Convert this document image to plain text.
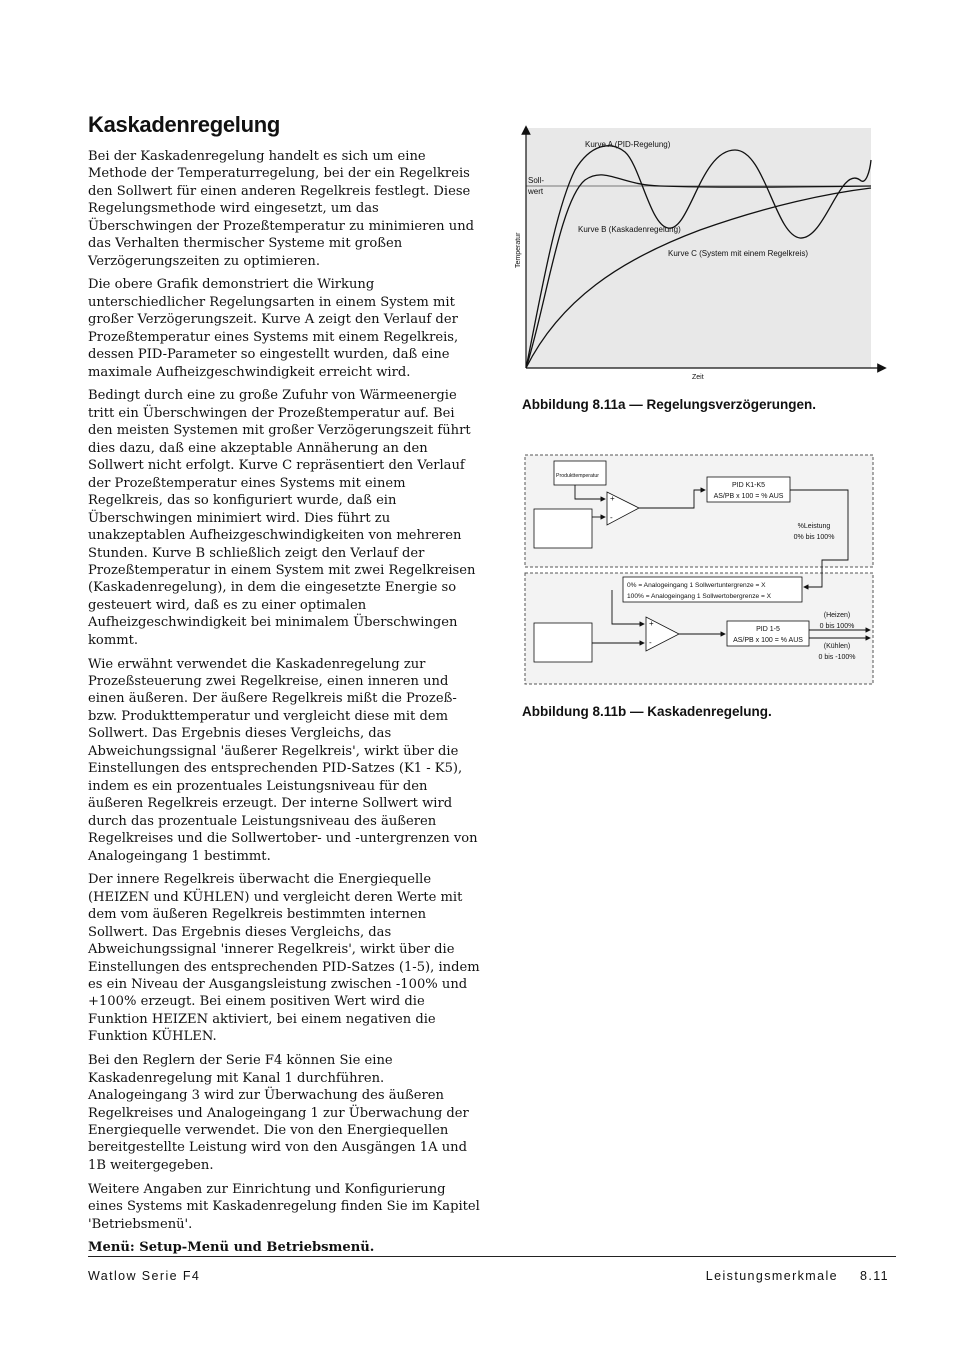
Kaskadenregelung

Bei der Kaskadenregelung handelt es sich um eine Methode der Temperaturregelung, bei der ein Regelkreis den Sollwert für einen anderen Regelkreis festlegt. Diese Regelungsmethode wird eingesetzt, um das Überschwingen der Prozeßtemperatur zu minimieren und das Verhalten thermischer Systeme mit großen Verzögerungszeiten zu optimieren.

Die obere Grafik demonstriert die Wirkung unterschiedlicher Regelungsarten in einem System mit großer Verzögerungszeit. Kurve A zeigt den Verlauf der Prozeßtemperatur eines Systems mit einem Regelkreis, dessen PID-Parameter so eingestellt wurden, daß eine maximale Aufheizgeschwindigkeit erreicht wird.

Bedingt durch eine zu große Zufuhr von Wärmeenergie tritt ein Überschwingen der Prozeßtemperatur auf. Bei den meisten Systemen mit großer Verzögerungszeit führt dies dazu, daß eine akzeptable Annäherung an den Sollwert nicht erfolgt. Kurve C repräsentiert den Verlauf der Prozeßtemperatur eines Systems mit einem Regelkreis, das so konfiguriert wurde, daß ein Überschwingen minimiert wird. Dies führt zu unakzeptablen Aufheizgeschwindigkeiten von mehreren Stunden. Kurve B schließlich zeigt den Verlauf der Prozeßtemperatur in einem System mit zwei Regelkreisen (Kaskadenregelung), in dem die eingesetzte Energie so gesteuert wird, daß es zu einer optimalen Aufheizgeschwindigkeit bei minimalem Überschwingen kommt.

Wie erwähnt verwendet die Kaskadenregelung zur Prozeßsteuerung zwei Regelkreise, einen inneren und einen äußeren. Der äußere Regelkreis mißt die Prozeß- bzw. Produkttemperatur und vergleicht diese mit dem Sollwert. Das Ergebnis dieses Vergleichs, das Abweichungssignal 'äußerer Regelkreis', wirkt über die Einstellungen des entsprechenden PID-Satzes (K1 - K5), indem es ein prozentuales Leistungsniveau für den äußeren Regelkreis erzeugt. Der interne Sollwert wird durch das prozentuale Leistungsniveau des äußeren Regelkreises und die Sollwertober- und -untergrenzen von Analogeingang 1 bestimmt.

Der innere Regelkreis überwacht die Energiequelle (HEIZEN und KÜHLEN) und vergleicht deren Werte mit dem vom äußeren Regelkreis bestimmten internen Sollwert. Das Ergebnis dieses Vergleichs, das Abweichungssignal 'innerer Regelkreis', wirkt über die Einstellungen des entsprechenden PID-Satzes (1-5), indem es ein Niveau der Ausgangsleistung zwischen -100% und +100% erzeugt. Bei einem positiven Wert wird die Funktion HEIZEN aktiviert, bei einem negativen die Funktion KÜHLEN.

Bei den Reglern der Serie F4 können Sie eine Kaskadenregelung mit Kanal 1 durchführen. Analogeingang 3 wird zur Überwachung des äußeren Regelkreises und Analogeingang 1 zur Überwachung der Energiequelle verwendet. Die von den Energiequellen bereitgestellte Leistung wird von den Ausgängen 1A und 1B weitergegeben.

Weitere Angaben zur Einrichtung und Konfigurierung eines Systems mit Kaskadenregelung finden Sie im Kapitel 'Betriebsmenü'.

Menü: Setup-Menü und Betriebsmenü.

Kurve A (PID-Regelung)
Kurve B (Kaskadenregelung)
Kurve C (System mit einem Regelkreis)
Soll-
wert
Temperatur
Zeit
Abbildung 8.11a — Regelungsverzögerungen.
Produkttemperatur
+
-
PID K1-K5
AS/PB x 100 = % AUS
%Leistung
0% bis 100%
0% = Analogeingang 1 Sollwertuntergrenze = X
100% = Analogeingang 1 Sollwertobergrenze = X
+
-
PID 1-5
AS/PB x 100 = % AUS
(Heizen)
0 bis 100%
(Kühlen)
0 bis -100%
Abbildung 8.11b — Kaskadenregelung.
Watlow Serie F4	Leistungsmerkmale 8.11
